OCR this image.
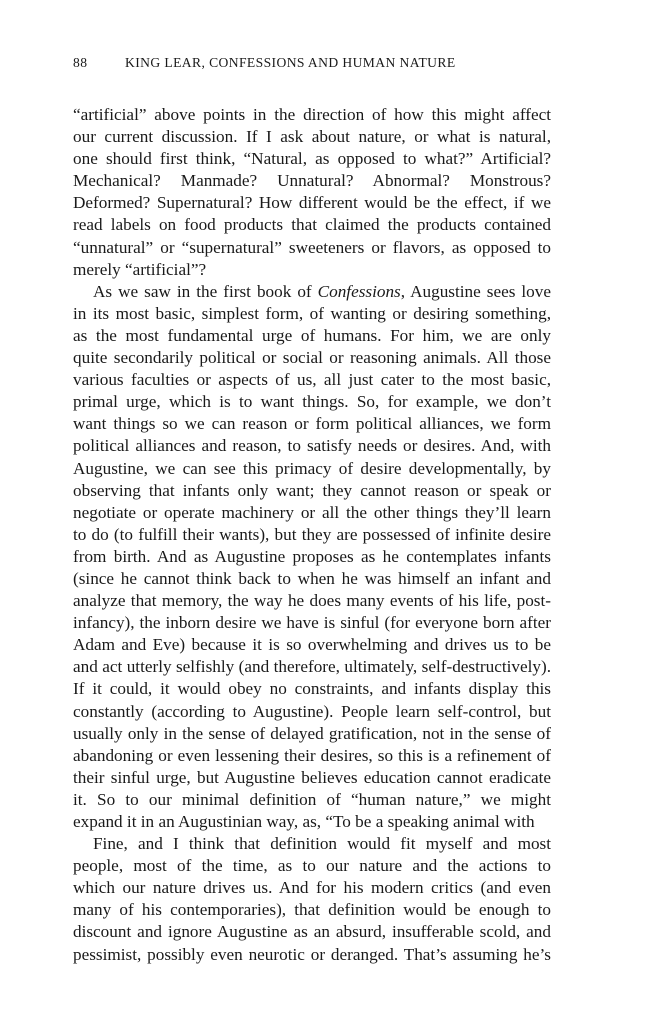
88	KING LEAR, CONFESSIONS AND HUMAN NATURE
“artificial” above points in the direction of how this might affect
our current discussion. If I ask about nature, or what is natural,
one should first think, “Natural, as opposed to what?” Artificial?
Mechanical?   Manmade?   Unnatural?   Abnormal?   Monstrous?
Deformed? Supernatural? How different would be the effect, if we
read labels on food products that claimed the products contained
“unnatural” or “supernatural” sweeteners or flavors, as opposed to
merely “artificial”?
As we saw in the first book of Confessions, Augustine sees love
in its most basic, simplest form, of wanting or desiring something,
as the most fundamental urge of humans. For him, we are only
quite secondarily political or social or reasoning animals. All those
various faculties or aspects of us, all just cater to the most basic,
primal urge, which is to want things. So, for example, we don’t
want things so we can reason or form political alliances, we form
political alliances and reason, to satisfy needs or desires. And, with
Augustine, we can see this primacy of desire developmentally, by
observing that infants only want; they cannot reason or speak or
negotiate or operate machinery or all the other things they’ll learn
to do (to fulfill their wants), but they are possessed of infinite desire
from birth. And as Augustine proposes as he contemplates infants
(since he cannot think back to when he was himself an infant and
analyze that memory, the way he does many events of his life, post-
infancy), the inborn desire we have is sinful (for everyone born after
Adam and Eve) because it is so overwhelming and drives us to be
and act utterly selfishly (and therefore, ultimately, self-destructively).
If it could, it would obey no constraints, and infants display this
constantly (according to Augustine). People learn self-control, but
usually only in the sense of delayed gratification, not in the sense of
abandoning or even lessening their desires, so this is a refinement of
their sinful urge, but Augustine believes education cannot eradicate
it. So to our minimal definition of “human nature,” we might
expand it in an Augustinian way, as, “To be a speaking animal with
Fine, and I think that definition would fit myself and most
people, most of the time, as to our nature and the actions to
which our nature drives us. And for his modern critics (and even
many of his contemporaries), that definition would be enough to
discount and ignore Augustine as an absurd, insufferable scold, and
pessimist, possibly even neurotic or deranged. That’s assuming he’s
